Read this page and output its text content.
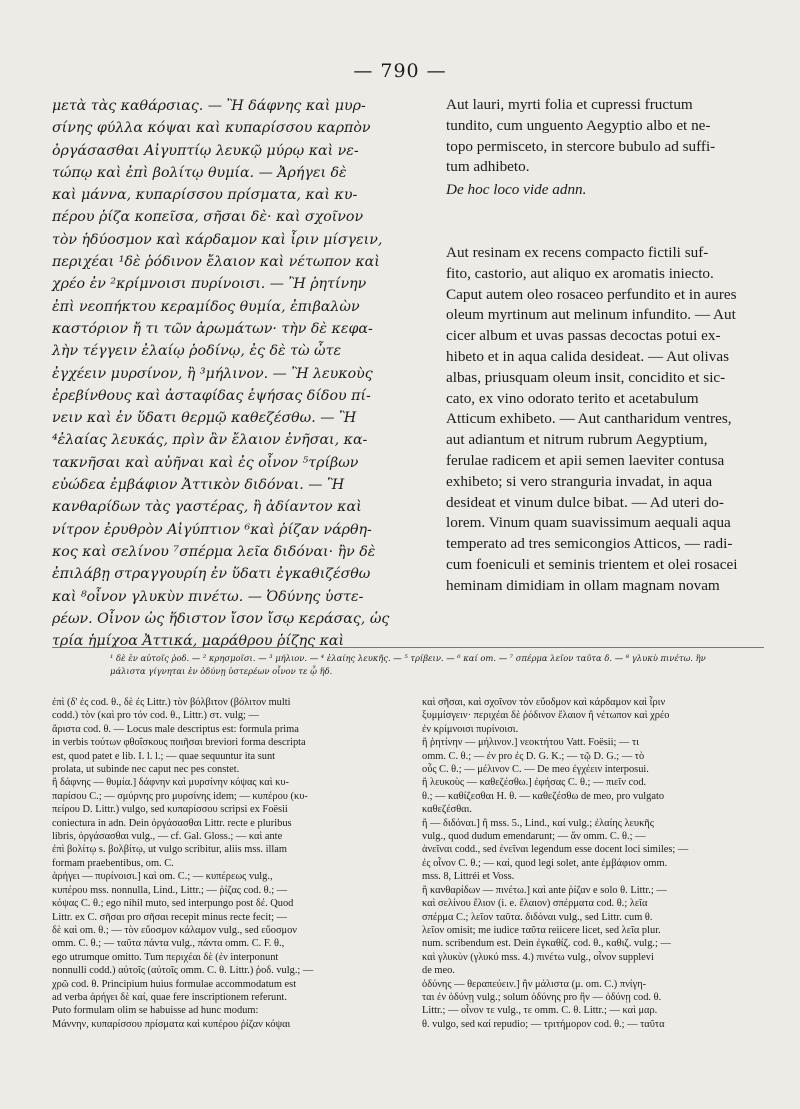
— 790 —
μετὰ τὰς καθάρσιας. — Ἢ δάφνης καὶ μυρ-
σίνης φύλλα κόψαι καὶ κυπαρίσσου καρπὸν
ὀργάσασθαι Αἰγυπτίῳ λευκῷ μύρῳ καὶ νε-
τώπῳ καὶ ἐπὶ βολίτῳ θυμία. — Ἀρήγει δὲ
καὶ μάννα, κυπαρίσσου πρίσματα, καὶ κυ-
πέρου ῥίζα κοπεῖσα, σῆσαι δὲ· καὶ σχοῖνον
τὸν ἡδύοσμον καὶ κάρδαμον καὶ ἶριν μίσγειν,
περιχέαι ¹δὲ ῥόδινον ἔλαιον καὶ νέτωπον καὶ
χρέο ἐν ²κρίμνοισι πυρίνοισι. — Ἢ ῥητίνην
ἐπὶ νεοπήκτου κεραμίδος θυμία, ἐπιβαλὼν
καστόριον ἤ τι τῶν ἀρωμάτων· τὴν δὲ κεφα-
λὴν τέγγειν ἐλαίῳ ῥοδίνῳ, ἐς δὲ τὼ ὦτε
ἐγχέειν μυρσίνον, ἢ ³μήλινον. — Ἢ λευκοὺς
ἐρεβίνθους καὶ ἀσταφίδας ἑψήσας δίδου πί-
νειν καὶ ἐν ὕδατι θερμῷ καθεζέσθω. — Ἢ
⁴ἐλαίας λευκάς, πρὶν ἂν ἔλαιον ἐνῆσαι, κα-
τακνῆσαι καὶ αὐῆναι καὶ ἐς οἶνον ⁵τρίβων
εὐώδεα ἐμβάφιον Ἀττικὸν διδόναι. — Ἢ
κανθαρίδων τὰς γαστέρας, ἢ ἀδίαντον καὶ
νίτρον ἐρυθρὸν Αἰγύπτιον ⁶καὶ ῥίζαν νάρθη-
κος καὶ σελίνου ⁷σπέρμα λεῖα διδόναι· ἢν δὲ
ἐπιλάβῃ στραγγουρίη ἐν ὕδατι ἐγκαθιζέσθω
καὶ ⁸οἶνον γλυκὺν πινέτω. — Ὀδύνης ὑστε-
ρέων. Οἶνον ὡς ἥδιστον ἴσον ἴσῳ κεράσας, ὡς
τρία ἡμίχοα Ἀττικά, μαράθρου ῥίζης καὶ

Aut lauri, myrti folia et cupressi fructum
tundito, cum unguento Aegyptio albo et ne-
topo permisceto, in stercore bubulo ad suffi-
tum adhibeto.

De hoc loco vide adnn.

Aut resinam ex recens compacto fictili suf-
fito, castorio, aut aliquo ex aromatis iniecto.
Caput autem oleo rosaceo perfundito et in aures
oleum myrtinum aut melinum infundito. — Aut
cicer album et uvas passas decoctas potui ex-
hibeto et in aqua calida desideat. — Aut olivas
albas, priusquam oleum insit, concidito et sic-
cato, ex vino odorato terito et acetabulum
Atticum exhibeto. — Aut cantharidum ventres,
aut adiantum et nitrum rubrum Aegyptium,
ferulae radicem et apii semen laeviter contusa
exhibeto; si vero stranguria invadat, in aqua
desideat et vinum dulce bibat. — Ad uteri do-
lorem. Vinum quam suavissimum aequali aqua
temperato ad tres semicongios Atticos, — radi-
cum foeniculi et seminis trientem et olei rosacei
heminam dimidiam in ollam magnam novam

¹ δὲ ἐν αὐτοῖς ῥοδ. — ² κρησμοῖσι. — ³ μήλιον. — ⁴ ἐλαίης λευκῆς. — ⁵ τρίβειν. — ⁶ καί om. — ⁷ σπέρμα λεῖον ταῦτα δ. — ⁸ γλυκὺ πινέτω. ἢν
μάλιστα γίγνηται ἐν ὀδύνῃ ὑστερέων οἶνον τε ᾦ ἥδ.
ἐπὶ (δ' ἐς cod. θ., δὲ ἐς Littr.) τὸν βόλβιτον (βόλιτον multi
codd.) τὸν (καὶ pro τόν cod. θ., Littr.) στ. vulg; —
ἄριστα cod. θ. — Locus male descriptus est: formula prima
in verbis τούτων φθοΐσκους ποιῆσαι breviori forma descripta
est, quod patet e lib. I. l. l.; — quae sequuntur ita sunt
prolata, ut subinde nec caput nec pes constet.
ἢ δάφνης — θυμία.] δάφνην καὶ μυρσίνην κόψας καὶ κυ-
παρίσου C.; — σμύρνης pro μυρσίνης idem; — κυπέρου (κυ-
πείρου D. Littr.) vulgo, sed κυπαρίσσου scripsi ex Foësii
coniectura in adn. Dein ὀργάσασθαι Littr. recte e pluribus
libris, ὀργάσασθαι vulg., — cf. Gal. Gloss.; — καὶ ante
ἐπὶ βολίτῳ s. βολβίτῳ, ut vulgo scribitur, aliis mss. illam
formam praebentibus, om. C.
ἀρήγει — πυρίνοισι.] καὶ om. C.; — κυπέρεως vulg.,
κυπέρου mss. nonnulla, Lind., Littr.; — ῥίζας cod. θ.; —
κόψας C. θ.; ego nihil muto, sed interpungo post δέ. Quod
Littr. ex C. σῆσαι pro σῆσαι recepit minus recte fecit; —
δὲ καὶ om. θ.; — τὸν εὔοσμον κάλαμον vulg., sed εὔοσμον
omm. C. θ.; — ταῦτα πάντα vulg., πάντα omm. C. F. θ.,
ego utrumque omitto. Tum περιχέαι δὲ (ἐν interponunt
nonnulli codd.) αὐτοῖς (αὐτοῖς omm. C. θ. Littr.) ῥοδ. vulg.; —
χρῶ cod. θ. Principium huius formulae accommodatum est
ad verba ἀρήγει δὲ καί, quae fere inscriptionem referunt.
Puto formulam olim se habuisse ad hunc modum:
Μάννην, κυπαρίσσου πρίσματα καὶ κυπέρου ῥίζαν κόψαι
καὶ σῆσαι, καὶ σχοῖνον τὸν εὔοδμον καὶ κάρδαμον καὶ ἶριν
ξυμμίσγειν· περιχέαι δὲ ῥόδινον ἔλαιον ἢ νέτωπον καὶ χρέο
ἐν κρίμνοισι πυρίνοισι.
ἢ ῥητίνην — μήλινον.] νεοκτήτου Vatt. Foësii; — τι
omm. C. θ.; — ἐν pro ἐς D. G. K.; — τῷ D. G.; — τὸ
οὖς C. θ.; — μέλινον C. — De meo ἐγχέειν interposui.
ἢ λευκοὺς — καθεζέσθω.] ἐφήσας C. θ.; — πιεῖν cod.
θ.; — καθίζεσθαι H. θ. — καθεζέσθω de meo, pro vulgato
καθεζέσθαι.
ἢ — διδόναι.] ἢ mss. 5., Lind., καί vulg.; ἐλαίης λευκῆς
vulg., quod dudum emendarunt; — ἄν omm. C. θ.; —
ἀνεῖναι codd., sed ἐνεῖναι legendum esse docent loci similes; —
ἐς οἶνον C. θ.; — καί, quod legi solet, ante ἐμβάφιον omm.
mss. 8, Littréi et Voss.
ἢ κανθαρίδων — πινέτω.] καὶ ante ῥίζαν e solo θ. Littr.; —
καὶ σελίνου ἔλιον (i. e. ἔλαιον) σπέρματα cod. θ.; λεῖα
σπέρμα C.; λεῖον ταῦτα. διδόναι vulg., sed Littr. cum θ.
λεῖον omisit; me iudice ταῦτα reiicere licet, sed λεῖα plur.
num. scribendum est. Dein ἐγκαθίζ. cod. θ., καθιζ. vulg.; —
καὶ γλυκὺν (γλυκύ mss. 4.) πινέτω vulg., οἶνον supplevi
de meo.
ὀδύνης — θεραπεύειν.] ἢν μάλιστα (μ. om. C.) πνίγη-
ται ἐν ὀδύνῃ vulg.; solum ὀδύνης pro ἢν — ὀδύνῃ cod. θ.
Littr.; — οἶνον τε vulg., τε omm. C. θ. Littr.; — καὶ μαρ.
θ. vulgo, sed καί repudio; — τριτήμορον cod. θ.; — ταῦτα
